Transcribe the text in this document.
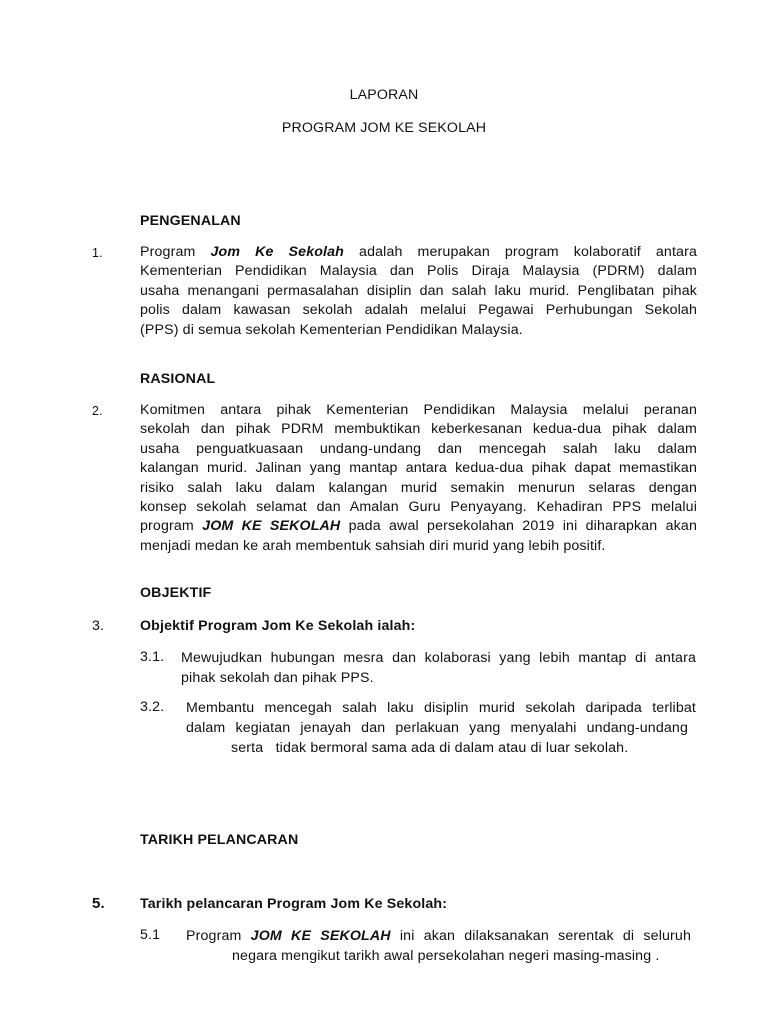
LAPORAN
PROGRAM JOM KE SEKOLAH
PENGENALAN
1.	Program Jom Ke Sekolah adalah merupakan program kolaboratif antara
Kementerian Pendidikan Malaysia dan Polis Diraja Malaysia (PDRM) dalam
usaha menangani permasalahan disiplin dan salah laku murid. Penglibatan pihak
polis dalam kawasan sekolah adalah melalui Pegawai Perhubungan Sekolah
(PPS) di semua sekolah Kementerian Pendidikan Malaysia.
RASIONAL
2.	Komitmen antara pihak Kementerian Pendidikan Malaysia melalui peranan
sekolah dan pihak PDRM membuktikan keberkesanan kedua-dua pihak dalam
usaha penguatkuasaan undang-undang dan mencegah salah laku dalam
kalangan murid. Jalinan yang mantap antara kedua-dua pihak dapat memastikan
risiko salah laku dalam kalangan murid semakin menurun selaras dengan
konsep sekolah selamat dan Amalan Guru Penyayang. Kehadiran PPS melalui
program JOM KE SEKOLAH pada awal persekolahan 2019 ini diharapkan akan
menjadi medan ke arah membentuk sahsiah diri murid yang lebih positif.
OBJEKTIF
3.	Objektif Program Jom Ke Sekolah ialah:
3.1. Mewujudkan hubungan mesra dan kolaborasi yang lebih mantap di antara
pihak sekolah dan pihak PPS.
3.2. Membantu mencegah salah laku disiplin murid sekolah daripada terlibat
dalam kegiatan jenayah dan perlakuan yang menyalahi undang-undang
serta   tidak bermoral sama ada di dalam atau di luar sekolah.
TARIKH PELANCARAN
5. Tarikh pelancaran Program Jom Ke Sekolah:
5.1 Program JOM KE SEKOLAH ini akan dilaksanakan serentak di seluruh
negara mengikut tarikh awal persekolahan negeri masing-masing .
